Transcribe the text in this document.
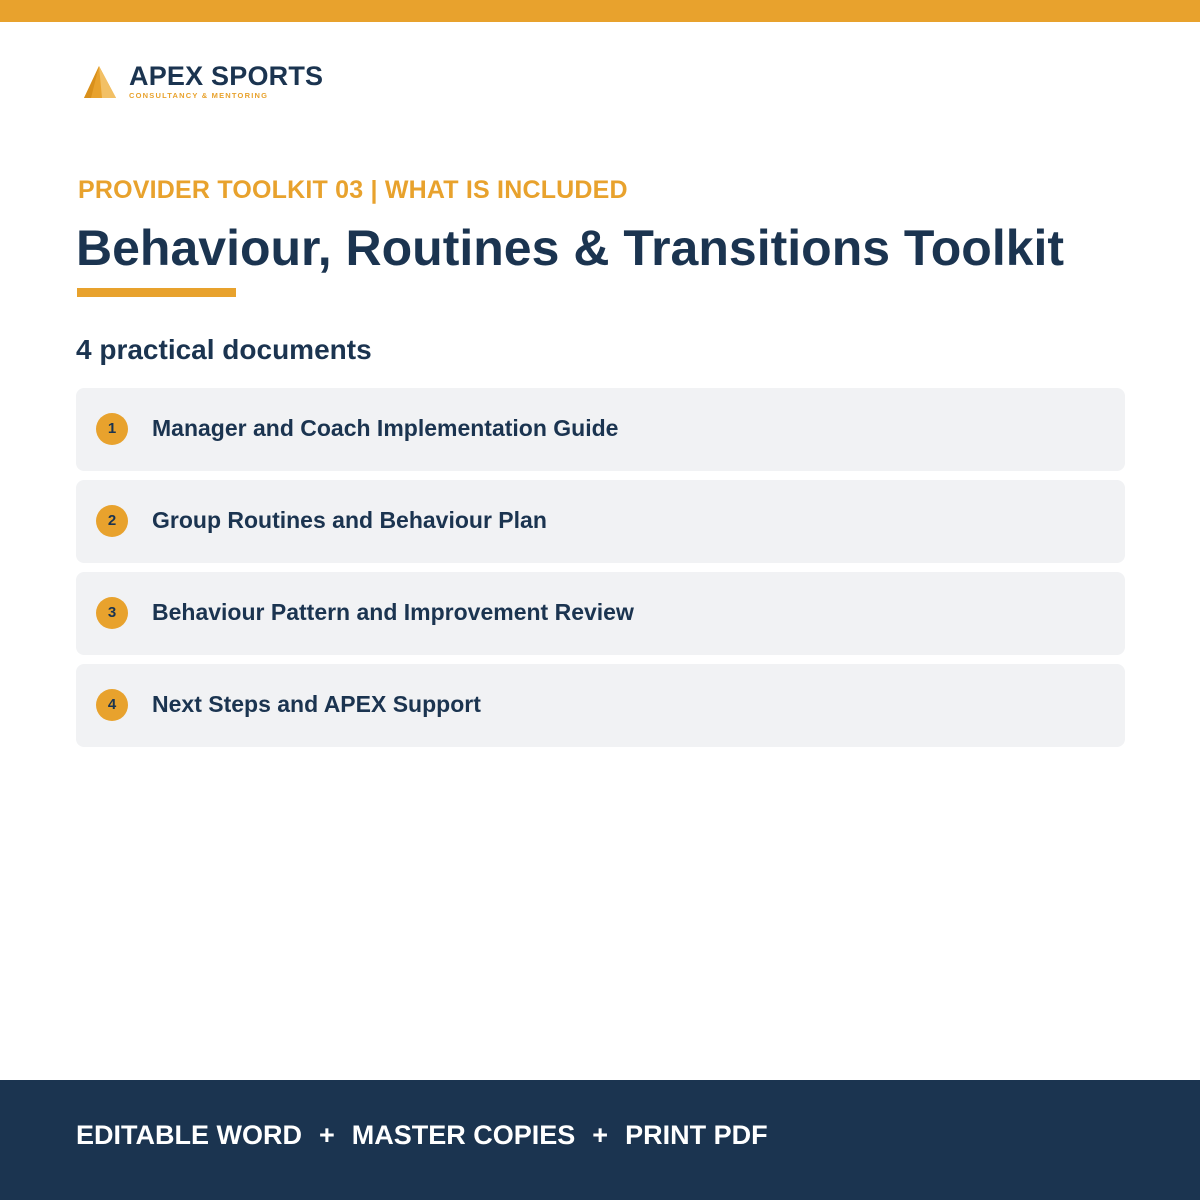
APEX SPORTS
CONSULTANCY & MENTORING
PROVIDER TOOLKIT 03 | WHAT IS INCLUDED
Behaviour, Routines & Transitions Toolkit
4 practical documents
1	Manager and Coach Implementation Guide
2	Group Routines and Behaviour Plan
3	Behaviour Pattern and Improvement Review
4	Next Steps and APEX Support
EDITABLE WORD + MASTER COPIES + PRINT PDF
